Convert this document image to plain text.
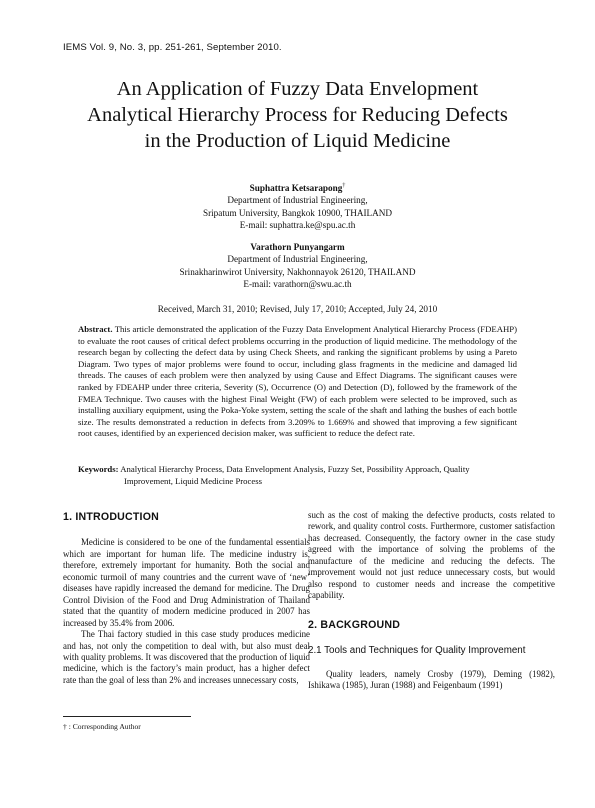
IEMS Vol. 9, No. 3, pp. 251-261, September 2010.
An Application of Fuzzy Data Envelopment
Analytical Hierarchy Process for Reducing Defects
in the Production of Liquid Medicine
Suphattra Ketsarapong†
Department of Industrial Engineering,
Sripatum University, Bangkok 10900, THAILAND
E-mail: suphattra.ke@spu.ac.th
Varathorn Punyangarm
Department of Industrial Engineering,
Srinakharinwirot University, Nakhonnayok 26120, THAILAND
E-mail: varathorn@swu.ac.th
Received, March 31, 2010; Revised, July 17, 2010; Accepted, July 24, 2010
Abstract. This article demonstrated the application of the Fuzzy Data Envelopment Analytical Hierarchy Process (FDEAHP) to evaluate the root causes of critical defect problems occurring in the production of liquid medicine. The methodology of the research began by collecting the defect data by using Check Sheets, and ranking the significant problems by using a Pareto Diagram. Two types of major problems were found to occur, including glass fragments in the medicine and damaged lid threads. The causes of each problem were then analyzed by using Cause and Effect Diagrams. The significant causes were ranked by FDEAHP under three criteria, Severity (S), Occurrence (O) and Detection (D), followed by the framework of the FMEA Technique. Two causes with the highest Final Weight (FW) of each problem were selected to be improved, such as installing auxiliary equipment, using the Poka-Yoke system, setting the scale of the shaft and lathing the bushes of each bottle size. The results demonstrated a reduction in defects from 3.209% to 1.669% and showed that improving a few significant root causes, identified by an experienced decision maker, was sufficient to reduce the defect rate.
Keywords: Analytical Hierarchy Process, Data Envelopment Analysis, Fuzzy Set, Possibility Approach, Quality
Improvement, Liquid Medicine Process
1. INTRODUCTION

Medicine is considered to be one of the fundamental essentials which are important for human life. The medicine industry is, therefore, extremely important for humanity. Both the social and economic turmoil of many countries and the current wave of ‘new’ diseases have rapidly increased the demand for medicine. The Drug Control Division of the Food and Drug Administration of Thailand stated that the quantity of modern medicine produced in 2007 has increased by 35.4% from 2006.

The Thai factory studied in this case study produces medicine and has, not only the competition to deal with, but also must deal with quality problems. It was discovered that the production of liquid medicine, which is the factory’s main product, has a higher defect rate than the goal of less than 2% and increases unnecessary costs,

such as the cost of making the defective products, costs related to rework, and quality control costs. Furthermore, customer satisfaction has decreased. Consequently, the factory owner in the case study agreed with the importance of solving the problems of the manufacture of the medicine and reducing the defects. The improvement would not just reduce unnecessary costs, but would also respond to customer needs and increase the competitive capability.

2. BACKGROUND
2.1 Tools and Techniques for Quality Improvement

Quality leaders, namely Crosby (1979), Deming (1982), Ishikawa (1985), Juran (1988) and Feigenbaum (1991)

† : Corresponding Author
